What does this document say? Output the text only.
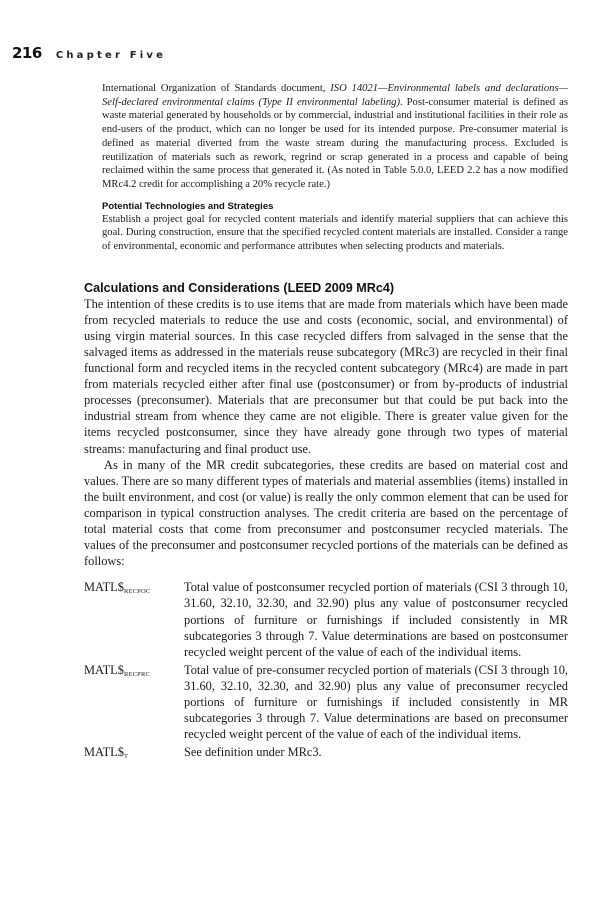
216 Chapter Five

International Organization of Standards document, ISO 14021—Environmental labels and declarations—Self-declared environmental claims (Type II environmental labeling). Post-consumer material is defined as waste material generated by households or by commercial, industrial and institutional facilities in their role as end-users of the product, which can no longer be used for its intended purpose. Pre-consumer material is defined as material diverted from the waste stream during the manufacturing process. Excluded is reutilization of materials such as rework, regrind or scrap generated in a process and capable of being reclaimed within the same process that generated it. (As noted in Table 5.0.0, LEED 2.2 has a now modified MRc4.2 credit for accomplishing a 20% recycle rate.)

Potential Technologies and Strategies

Establish a project goal for recycled content materials and identify material suppliers that can achieve this goal. During construction, ensure that the specified recycled content materials are installed. Consider a range of environmental, economic and performance attributes when selecting products and materials.

Calculations and Considerations (LEED 2009 MRc4)

The intention of these credits is to use items that are made from materials which have been made from recycled materials to reduce the use and costs (economic, social, and environmental) of using virgin material sources. In this case recycled differs from salvaged in the sense that the salvaged items as addressed in the materials reuse subcategory (MRc3) are recycled in their final functional form and recycled items in the recycled content subcategory (MRc4) are made in part from materials recycled either after final use (postconsumer) or from by-products of industrial processes (preconsumer). Materials that are preconsumer but that could be put back into the industrial stream from whence they came are not eligible. There is greater value given for the items recycled postconsumer, since they have already gone through two types of material streams: manufacturing and final product use.

As in many of the MR credit subcategories, these credits are based on material cost and values. There are so many different types of materials and material assemblies (items) installed in the built environment, and cost (or value) is really the only common element that can be used for comparison in typical construction analyses. The credit criteria are based on the percentage of total material costs that come from preconsumer and postconsumer recycled materials. The values of the preconsumer and postconsumer recycled portions of the materials can be defined as follows:

$MATL\$_{RECPOC}$	Total value of postconsumer recycled portion of materials (CSI 3 through 10, 31.60, 32.10, 32.30, and 32.90) plus any value of postconsumer recycled portions of furniture or furnishings if included consistently in MR subcategories 3 through 7. Value determinations are based on postconsumer recycled weight percent of the value of each of the individual items.
$MATL\$_{RECPRC}$	Total value of pre-consumer recycled portion of materials (CSI 3 through 10, 31.60, 32.10, 32.30, and 32.90) plus any value of preconsumer recycled portions of furniture or furnishings if included consistently in MR subcategories 3 through 7. Value determinations are based on preconsumer recycled weight percent of the value of each of the individual items.
$MATL\$_T$	See definition under MRc3.
